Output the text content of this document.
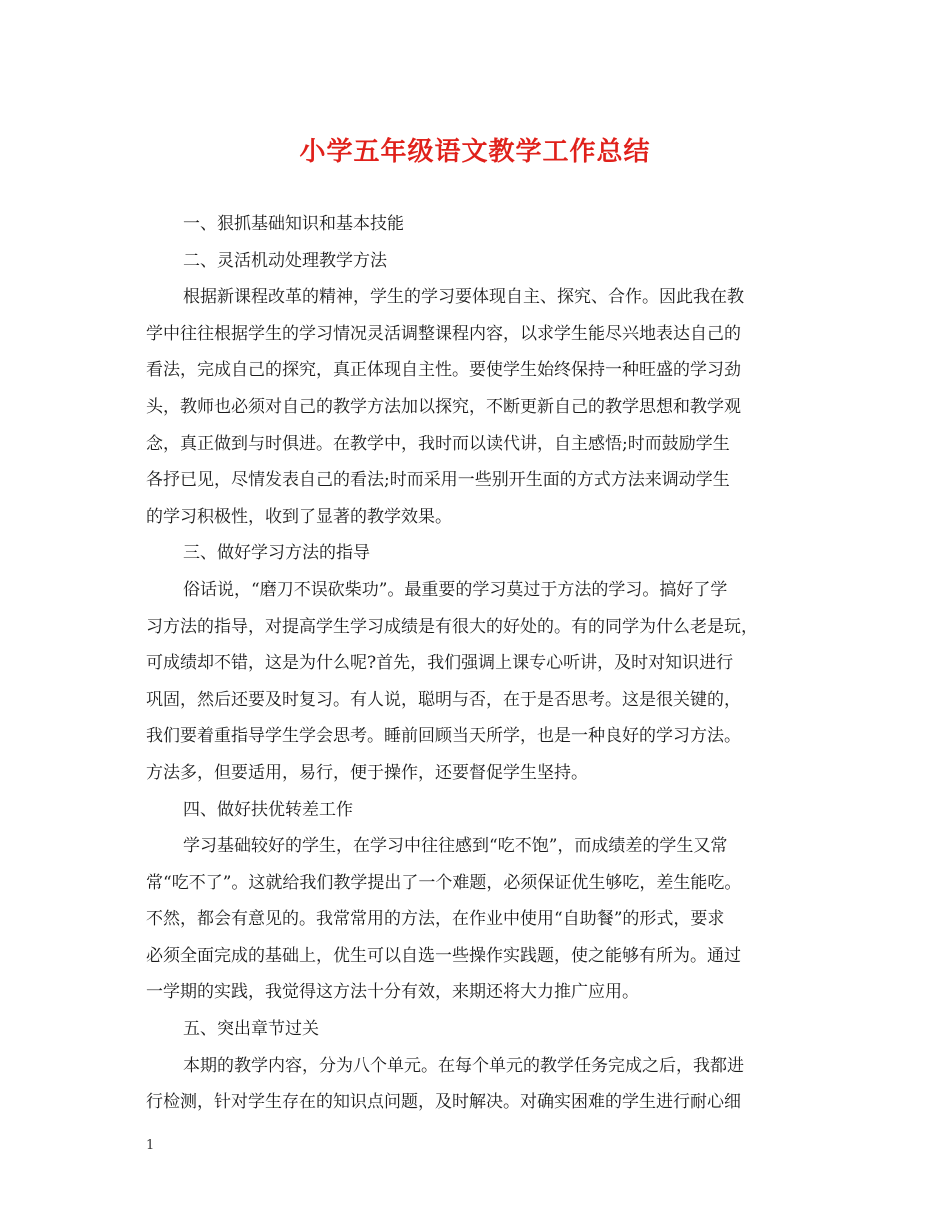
小学五年级语文教学工作总结
一、狠抓基础知识和基本技能
二、灵活机动处理教学方法
根据新课程改革的精神，学生的学习要体现自主、探究、合作。因此我在教
学中往往根据学生的学习情况灵活调整课程内容，以求学生能尽兴地表达自己的
看法，完成自己的探究，真正体现自主性。要使学生始终保持一种旺盛的学习劲
头，教师也必须对自己的教学方法加以探究，不断更新自己的教学思想和教学观
念，真正做到与时俱进。在教学中，我时而以读代讲，自主感悟;时而鼓励学生
各抒已见，尽情发表自己的看法;时而采用一些别开生面的方式方法来调动学生
的学习积极性，收到了显著的教学效果。
三、做好学习方法的指导
俗话说，“磨刀不误砍柴功”。最重要的学习莫过于方法的学习。搞好了学
习方法的指导，对提高学生学习成绩是有很大的好处的。有的同学为什么老是玩，
可成绩却不错，这是为什么呢?首先，我们强调上课专心听讲，及时对知识进行
巩固，然后还要及时复习。有人说，聪明与否，在于是否思考。这是很关键的，
我们要着重指导学生学会思考。睡前回顾当天所学，也是一种良好的学习方法。
方法多，但要适用，易行，便于操作，还要督促学生坚持。
四、做好扶优转差工作
学习基础较好的学生，在学习中往往感到“吃不饱”，而成绩差的学生又常
常“吃不了”。这就给我们教学提出了一个难题，必须保证优生够吃，差生能吃。
不然，都会有意见的。我常常用的方法，在作业中使用“自助餐”的形式，要求
必须全面完成的基础上，优生可以自选一些操作实践题，使之能够有所为。通过
一学期的实践，我觉得这方法十分有效，来期还将大力推广应用。
五、突出章节过关
本期的教学内容，分为八个单元。在每个单元的教学任务完成之后，我都进
行检测，针对学生存在的知识点问题，及时解决。对确实困难的学生进行耐心细
1
